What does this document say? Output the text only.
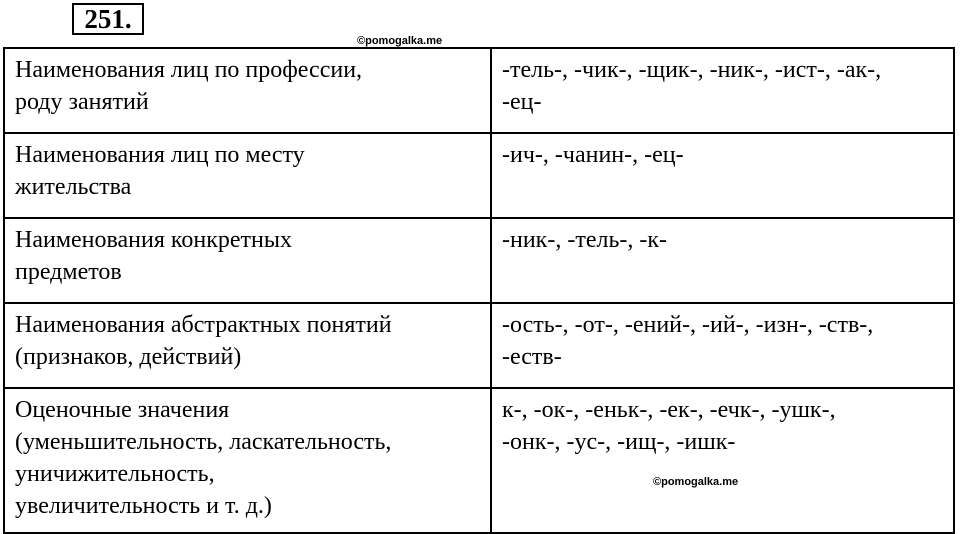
251.
©pomogalka.me
Наименования лиц по профессии,
роду занятий	-тель-, -чик-, -щик-, -ник-, -ист-, -ак-,
-ец-

Наименования лиц по месту
жительства	-ич-, -чанин-, -ец-

Наименования конкретных
предметов	-ник-, -тель-, -к-

Наименования абстрактных понятий
(признаков, действий)	-ость-, -от-, -ений-, -ий-, -изн-, -ств-,
-еств-

Оценочные значения
(уменьшительность, ласкательность,
уничижительность,
увеличительность и т. д.)	к-, -ок-, -еньк-, -ек-, -ечк-, -ушк-,
-онк-, -ус-, -ищ-, -ишк-
©pomogalka.me
